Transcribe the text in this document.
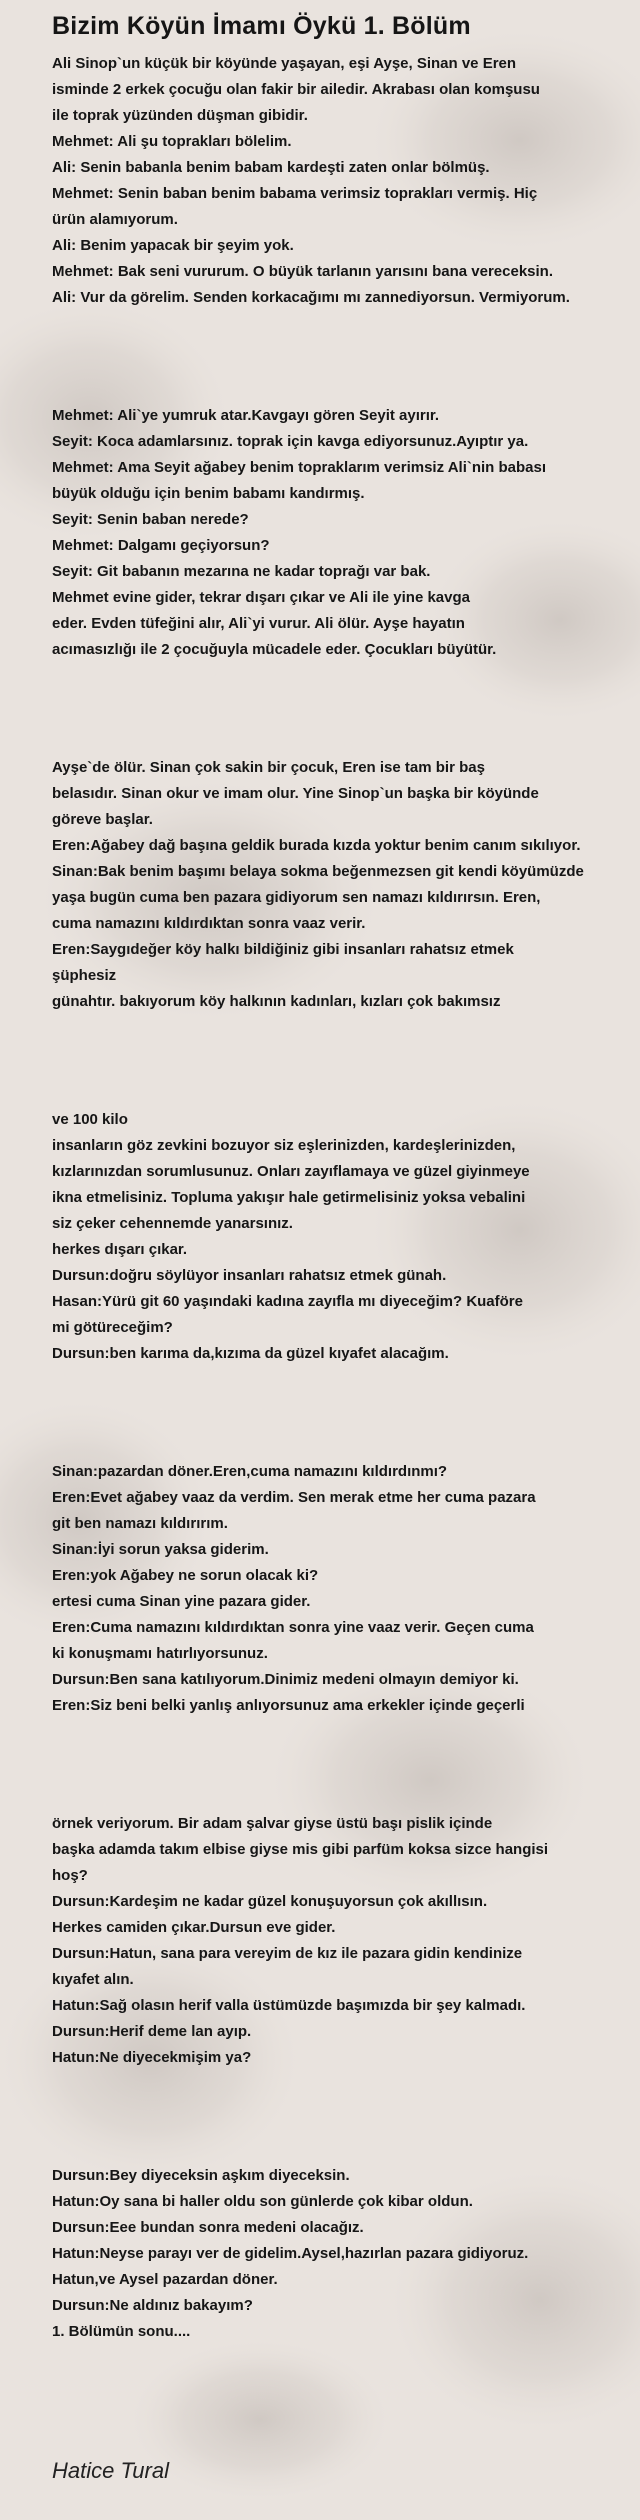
Bizim Köyün İmamı Öykü 1. Bölüm
Ali Sinop`un küçük bir köyünde yaşayan, eşi Ayşe, Sinan ve Eren
isminde 2 erkek çocuğu olan fakir bir ailedir. Akrabası olan komşusu
ile toprak yüzünden düşman gibidir.
Mehmet: Ali şu toprakları bölelim.
Ali: Senin babanla benim babam kardeşti zaten onlar bölmüş.
Mehmet: Senin baban benim babama verimsiz toprakları vermiş. Hiç
ürün alamıyorum.
Ali: Benim yapacak bir şeyim yok.
Mehmet: Bak seni vururum. O büyük tarlanın yarısını bana vereceksin.
Ali: Vur da görelim. Senden korkacağımı mı zannediyorsun. Vermiyorum.
Mehmet: Ali`ye yumruk atar.Kavgayı gören Seyit ayırır.
Seyit: Koca adamlarsınız. toprak için kavga ediyorsunuz.Ayıptır ya.
Mehmet: Ama Seyit ağabey benim topraklarım verimsiz Ali`nin babası
büyük olduğu için benim babamı kandırmış.
Seyit: Senin baban nerede?
Mehmet: Dalgamı geçiyorsun?
Seyit: Git babanın mezarına ne kadar toprağı var bak.
Mehmet evine gider, tekrar dışarı çıkar ve Ali ile yine kavga
eder. Evden tüfeğini alır, Ali`yi vurur. Ali ölür. Ayşe hayatın
acımasızlığı ile 2 çocuğuyla mücadele eder. Çocukları büyütür.
Ayşe`de ölür. Sinan çok sakin bir çocuk, Eren ise tam bir baş
belasıdır. Sinan okur ve imam olur. Yine Sinop`un başka bir köyünde
göreve başlar.
Eren:Ağabey dağ başına geldik burada kızda yoktur benim canım sıkılıyor.
Sinan:Bak benim başımı belaya sokma beğenmezsen git kendi köyümüzde
yaşa bugün cuma ben pazara gidiyorum sen namazı kıldırırsın. Eren,
cuma namazını kıldırdıktan sonra vaaz verir.
Eren:Saygıdeğer köy halkı bildiğiniz gibi insanları rahatsız etmek
şüphesiz
günahtır. bakıyorum köy halkının kadınları, kızları çok bakımsız
ve 100 kilo
insanların göz zevkini bozuyor siz eşlerinizden, kardeşlerinizden,
kızlarınızdan sorumlusunuz. Onları zayıflamaya ve güzel giyinmeye
ikna etmelisiniz. Topluma yakışır hale getirmelisiniz yoksa vebalini
siz çeker cehennemde yanarsınız.
herkes dışarı çıkar.
Dursun:doğru söylüyor insanları rahatsız etmek günah.
Hasan:Yürü git 60 yaşındaki kadına zayıfla mı diyeceğim? Kuaföre
mi götüreceğim?
Dursun:ben karıma da,kızıma da güzel kıyafet alacağım.
Sinan:pazardan döner.Eren,cuma namazını kıldırdınmı?
Eren:Evet ağabey vaaz da verdim. Sen merak etme her cuma pazara
git ben namazı kıldırırım.
Sinan:İyi sorun yaksa giderim.
Eren:yok Ağabey ne sorun olacak ki?
ertesi cuma Sinan yine pazara gider.
Eren:Cuma namazını kıldırdıktan sonra yine vaaz verir. Geçen cuma
ki konuşmamı hatırlıyorsunuz.
Dursun:Ben sana katılıyorum.Dinimiz medeni olmayın demiyor ki.
Eren:Siz beni belki yanlış anlıyorsunuz ama erkekler içinde geçerli
örnek veriyorum. Bir adam şalvar giyse üstü başı pislik içinde
başka adamda takım elbise giyse mis gibi parfüm koksa sizce hangisi
hoş?
Dursun:Kardeşim ne kadar güzel konuşuyorsun çok akıllısın.
Herkes camiden çıkar.Dursun eve gider.
Dursun:Hatun, sana para vereyim de kız ile pazara gidin kendinize
kıyafet alın.
Hatun:Sağ olasın herif valla üstümüzde başımızda bir şey kalmadı.
Dursun:Herif deme lan ayıp.
Hatun:Ne diyecekmişim ya?
Dursun:Bey diyeceksin aşkım diyeceksin.
Hatun:Oy sana bi haller oldu son günlerde çok kibar oldun.
Dursun:Eee bundan sonra medeni olacağız.
Hatun:Neyse parayı ver de gidelim.Aysel,hazırlan pazara gidiyoruz.
Hatun,ve Aysel pazardan döner.
Dursun:Ne aldınız bakayım?
1. Bölümün sonu....
Hatice Tural
